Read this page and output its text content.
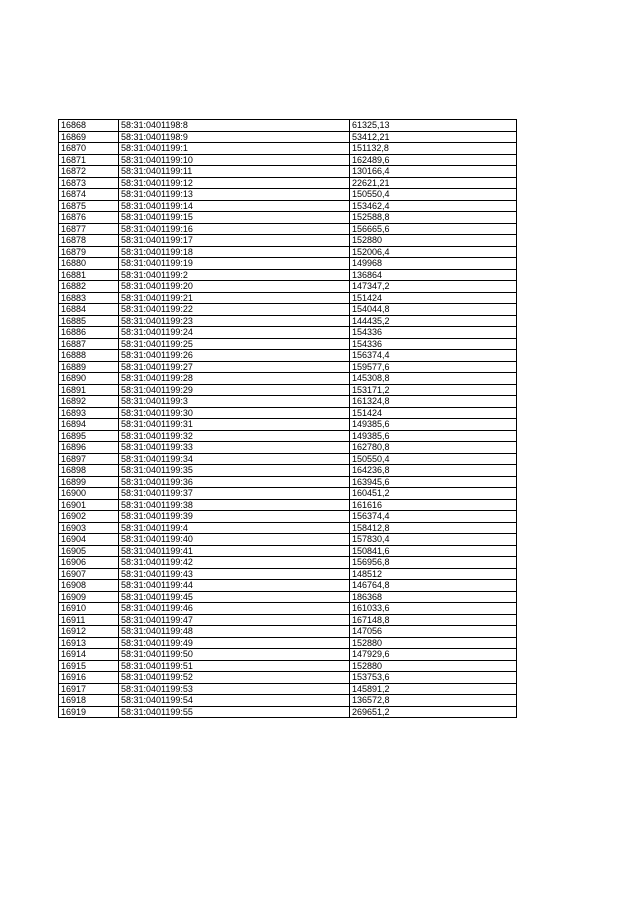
16868	58:31:0401198:8	61325,13
16869	58:31:0401198:9	53412,21
16870	58:31:0401199:1	151132,8
16871	58:31:0401199:10	162489,6
16872	58:31:0401199:11	130166,4
16873	58:31:0401199:12	22621,21
16874	58:31:0401199:13	150550,4
16875	58:31:0401199:14	153462,4
16876	58:31:0401199:15	152588,8
16877	58:31:0401199:16	156665,6
16878	58:31:0401199:17	152880
16879	58:31:0401199:18	152006,4
16880	58:31:0401199:19	149968
16881	58:31:0401199:2	136864
16882	58:31:0401199:20	147347,2
16883	58:31:0401199:21	151424
16884	58:31:0401199:22	154044,8
16885	58:31:0401199:23	144435,2
16886	58:31:0401199:24	154336
16887	58:31:0401199:25	154336
16888	58:31:0401199:26	156374,4
16889	58:31:0401199:27	159577,6
16890	58:31:0401199:28	145308,8
16891	58:31:0401199:29	153171,2
16892	58:31:0401199:3	161324,8
16893	58:31:0401199:30	151424
16894	58:31:0401199:31	149385,6
16895	58:31:0401199:32	149385,6
16896	58:31:0401199:33	162780,8
16897	58:31:0401199:34	150550,4
16898	58:31:0401199:35	164236,8
16899	58:31:0401199:36	163945,6
16900	58:31:0401199:37	160451,2
16901	58:31:0401199:38	161616
16902	58:31:0401199:39	156374,4
16903	58:31:0401199:4	158412,8
16904	58:31:0401199:40	157830,4
16905	58:31:0401199:41	150841,6
16906	58:31:0401199:42	156956,8
16907	58:31:0401199:43	148512
16908	58:31:0401199:44	146764,8
16909	58:31:0401199:45	186368
16910	58:31:0401199:46	161033,6
16911	58:31:0401199:47	167148,8
16912	58:31:0401199:48	147056
16913	58:31:0401199:49	152880
16914	58:31:0401199:50	147929,6
16915	58:31:0401199:51	152880
16916	58:31:0401199:52	153753,6
16917	58:31:0401199:53	145891,2
16918	58:31:0401199:54	136572,8
16919	58:31:0401199:55	269651,2
